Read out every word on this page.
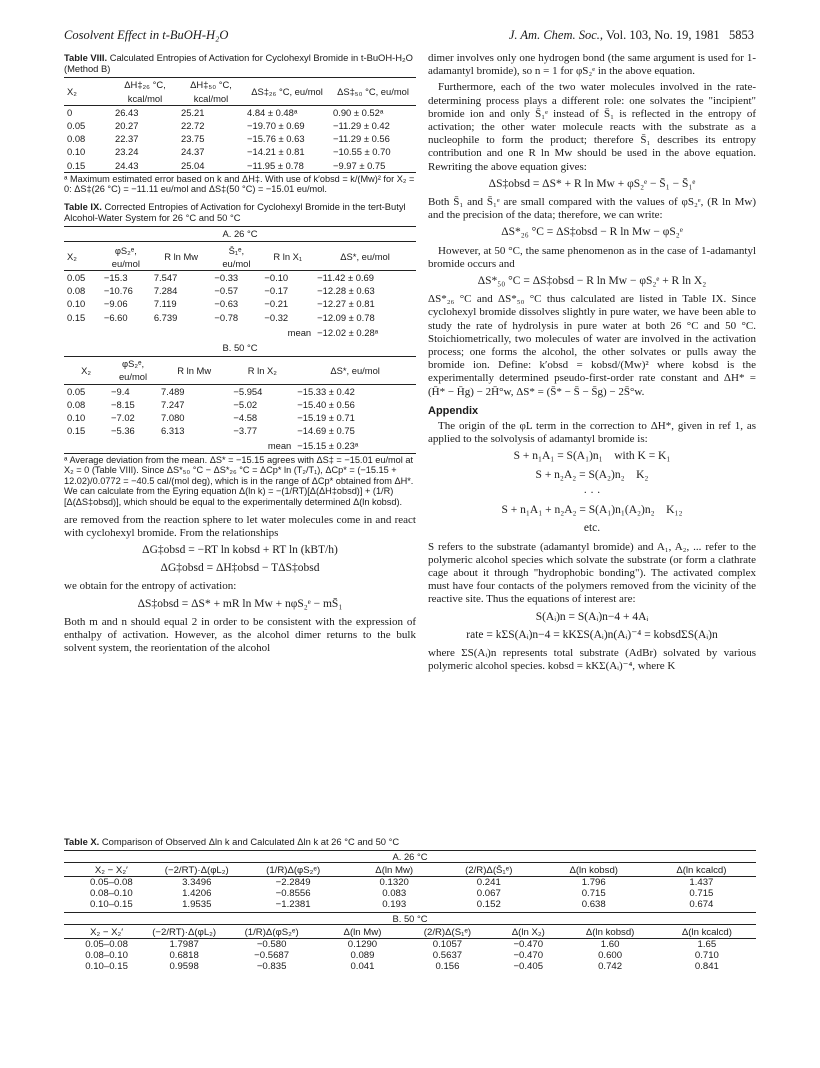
Cosolvent Effect in t-BuOH-H₂O	J. Am. Chem. Soc., Vol. 103, No. 19, 1981 5853
Table VIII. Calculated Entropies of Activation for Cyclohexyl Bromide in t-BuOH-H₂O (Method B)
X₂	ΔH‡₂₆ °C, kcal/mol	ΔH‡₅₀ °C, kcal/mol	ΔS‡₂₆ °C, eu/mol	ΔS‡₅₀ °C, eu/mol
0	26.43	25.21	4.84 ± 0.48ᵃ	0.90 ± 0.52ᵃ
0.05	20.27	22.72	−19.70 ± 0.69	−11.29 ± 0.42
0.08	22.37	23.75	−15.76 ± 0.63	−11.29 ± 0.56
0.10	23.24	24.37	−14.21 ± 0.81	−10.55 ± 0.70
0.15	24.43	25.04	−11.95 ± 0.78	−9.97 ± 0.75
ᵃ Maximum estimated error based on k and ΔH‡. With use of k′obsd = k/(Mw)² for X₂ = 0: ΔS‡(26 °C) = −11.11 eu/mol and ΔS‡(50 °C) = −15.01 eu/mol.
Table IX. Corrected Entropies of Activation for Cyclohexyl Bromide in the tert-Butyl Alcohol-Water System for 26 °C and 50 °C
A. 26 °C
X₂	φS₂ᵉ, eu/mol	R ln Mw	S̄₁ᵉ, eu/mol	R ln X₁	ΔS*, eu/mol
0.05	−15.3	7.547	−0.33	−0.10	−11.42 ± 0.69
0.08	−10.76	7.284	−0.57	−0.17	−12.28 ± 0.63
0.10	−9.06	7.119	−0.63	−0.21	−12.27 ± 0.81
0.15	−6.60	6.739	−0.78	−0.32	−12.09 ± 0.78
				mean	−12.02 ± 0.28ᵃ
B. 50 °C
X₂	φS₂ᵉ, eu/mol	R ln Mw	R ln X₂	ΔS*, eu/mol
0.05	−9.4	7.489	−5.954	−15.33 ± 0.42
0.08	−8.15	7.247	−5.02	−15.40 ± 0.56
0.10	−7.02	7.080	−4.58	−15.19 ± 0.71
0.15	−5.36	6.313	−3.77	−14.69 ± 0.75
			mean	−15.15 ± 0.23ᵃ
ᵃ Average deviation from the mean. ΔS* = −15.15 agrees with ΔS‡ = −15.01 eu/mol at X₂ = 0 (Table VIII). Since ΔS*₅₀ °C − ΔS*₂₆ °C = ΔCp* ln (T₂/T₁), ΔCp* = (−15.15 + 12.02)/0.0772 = −40.5 cal/(mol deg), which is in the range of ΔCp* obtained from ΔH*. We can calculate from the Eyring equation Δ(ln k) = −(1/RT)[Δ(ΔH‡obsd)] + (1/R)[Δ(ΔS‡obsd)], which should be equal to the experimentally determined Δ(ln kobsd).

are removed from the reaction sphere to let water molecules come in and react with cyclohexyl bromide. From the relationships

ΔG‡obsd = −RT ln kobsd + RT ln (kBT/h)
ΔG‡obsd = ΔH‡obsd − TΔS‡obsd

we obtain for the entropy of activation:

ΔS‡obsd = ΔS* + mR ln Mw + nφS₂ᵉ − mS̄₁

Both m and n should equal 2 in order to be consistent with the expression of enthalpy of activation. However, as the alcohol dimer returns to the bulk solvent system, the reorientation of the alcohol

dimer involves only one hydrogen bond (the same argument is used for 1-adamantyl bromide), so n = 1 for φS₂ᵉ in the above equation.

Furthermore, each of the two water molecules involved in the rate-determining process plays a different role: one solvates the "incipient" bromide ion and only S̄₁ᵉ instead of S̄₁ is reflected in the entropy of activation; the other water molecule reacts with the substrate as a nucleophile to form the product; therefore S̄₁ describes its entropy contribution and one R ln Mw should be used in the above equation. Rewriting the above equation gives:

ΔS‡obsd = ΔS* + R ln Mw + φS₂ᵉ − S̄₁ − S̄₁ᵉ

Both S̄₁ and S̄₁ᵉ are small compared with the values of φS₂ᵉ, (R ln Mw) and the precision of the data; therefore, we can write:

ΔS*₂₆ °C = ΔS‡obsd − R ln Mw − φS₂ᵉ

However, at 50 °C, the same phenomenon as in the case of 1-adamantyl bromide occurs and

ΔS*₅₀ °C = ΔS‡obsd − R ln Mw − φS₂ᵉ + R ln X₂

ΔS*₂₆ °C and ΔS*₅₀ °C thus calculated are listed in Table IX. Since cyclohexyl bromide dissolves slightly in pure water, we have been able to study the rate of hydrolysis in pure water at both 26 °C and 50 °C. Stoichiometrically, two molecules of water are involved in the activation process; one forms the alcohol, the other solvates or pulls away the bromide ion. Define: k′obsd = kobsd/(Mw)² where kobsd is the experimentally determined pseudo-first-order rate constant and ΔH* = (H̄* − H̄g) − 2H̄°w, ΔS* = (S̄* − S̄ − S̄g) − 2S̄°w.

Appendix

The origin of the φL term in the correction to ΔH*, given in ref 1, as applied to the solvolysis of adamantyl bromide is:

S + n₁A₁ = S(A₁)n₁ with K = K₁
S + n₂A₂ = S(A₂)n₂ K₂
· · ·
S + n₁A₁ + n₂A₂ = S(A₁)n₁(A₂)n₂ K₁₂
etc.

S refers to the substrate (adamantyl bromide) and A₁, A₂, ... refer to the polymeric alcohol species which solvate the substrate (or form a clathrate cage about it through "hydrophobic bonding"). The activated complex must have four contacts of the polymers removed from the vicinity of the reactive site. Thus the equations of interest are:

S(Aᵢ)n = S(Aᵢ)n−4 + 4Aᵢ
rate = kΣS(Aᵢ)n−4 = kKΣS(Aᵢ)n(Aᵢ)⁻⁴ = kobsdΣS(Aᵢ)n

where ΣS(Aᵢ)n represents total substrate (AdBr) solvated by various polymeric alcohol species. kobsd = kKΣ(Aᵢ)⁻⁴, where K

Table X. Comparison of Observed Δln k and Calculated Δln k at 26 °C and 50 °C
A. 26 °C
X₂ − X₂′	(−2/RT)·Δ(φL₂)	(1/R)Δ(φS₂ᵉ)	Δ(ln Mw)	(2/R)Δ(S̄₁ᵉ)	Δ(ln kobsd)	Δ(ln kcalcd)
0.05–0.08	3.3496	−2.2849	0.1320	0.241	1.796	1.437
0.08–0.10	1.4206	−0.8556	0.083	0.067	0.715	0.715
0.10–0.15	1.9535	−1.2381	0.193	0.152	0.638	0.674
B. 50 °C
X₂ − X₂′	(−2/RT)·Δ(φL₂)	(1/R)Δ(φS₂ᵉ)	Δ(ln Mw)	(2/R)Δ(S₁ᵉ)	Δ(ln X₂)	Δ(ln kobsd)	Δ(ln kcalcd)
0.05–0.08	1.7987	−0.580	0.1290	0.1057	−0.470	1.60	1.65
0.08–0.10	0.6818	−0.5687	0.089	0.5637	−0.470	0.600	0.710
0.10–0.15	0.9598	−0.835	0.041	0.156	−0.405	0.742	0.841
